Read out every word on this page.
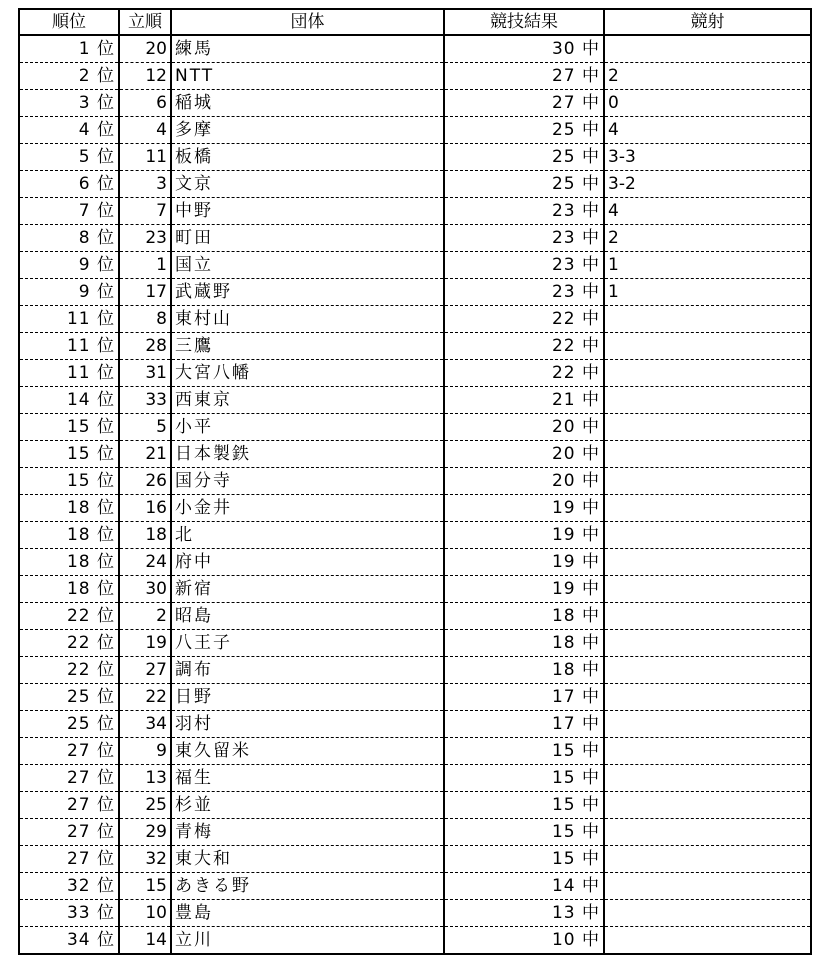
順位	立順	団体	競技結果	競射
1 位	20	練馬	30 中	
2 位	12	NTT	27 中	2
3 位	6	稲城	27 中	0
4 位	4	多摩	25 中	4
5 位	11	板橋	25 中	3-3
6 位	3	文京	25 中	3-2
7 位	7	中野	23 中	4
8 位	23	町田	23 中	2
9 位	1	国立	23 中	1
9 位	17	武蔵野	23 中	1
11 位	8	東村山	22 中	
11 位	28	三鷹	22 中	
11 位	31	大宮八幡	22 中	
14 位	33	西東京	21 中	
15 位	5	小平	20 中	
15 位	21	日本製鉄	20 中	
15 位	26	国分寺	20 中	
18 位	16	小金井	19 中	
18 位	18	北	19 中	
18 位	24	府中	19 中	
18 位	30	新宿	19 中	
22 位	2	昭島	18 中	
22 位	19	八王子	18 中	
22 位	27	調布	18 中	
25 位	22	日野	17 中	
25 位	34	羽村	17 中	
27 位	9	東久留米	15 中	
27 位	13	福生	15 中	
27 位	25	杉並	15 中	
27 位	29	青梅	15 中	
27 位	32	東大和	15 中	
32 位	15	あきる野	14 中	
33 位	10	豊島	13 中	
34 位	14	立川	10 中	
